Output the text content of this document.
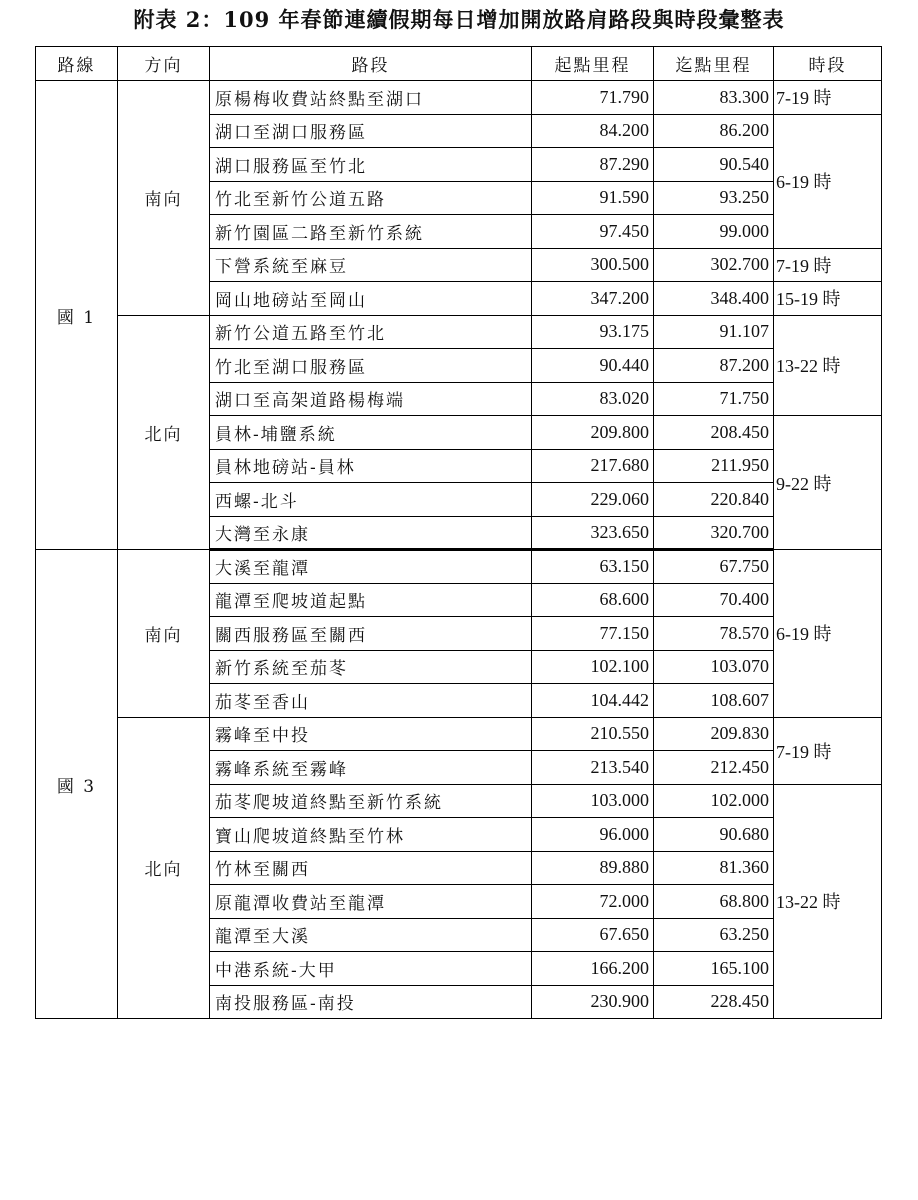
附表 2：109 年春節連續假期每日增加開放路肩路段與時段彙整表
路線	方向	路段	起點里程	迄點里程	時段	
國 1	南向	原楊梅收費站終點至湖口	71.790	83.300	7-19 時	
		湖口至湖口服務區	84.200	86.200	6-19 時	
		湖口服務區至竹北	87.290	90.540		
		竹北至新竹公道五路	91.590	93.250		
		新竹園區二路至新竹系統	97.450	99.000		
		下營系統至麻豆	300.500	302.700	7-19 時	
		岡山地磅站至岡山	347.200	348.400	15-19 時	
	北向	新竹公道五路至竹北	93.175	91.107	13-22 時	
		竹北至湖口服務區	90.440	87.200		
		湖口至高架道路楊梅端	83.020	71.750		
		員林-埔鹽系統	209.800	208.450	9-22 時	
		員林地磅站-員林	217.680	211.950		
		西螺-北斗	229.060	220.840		
		大灣至永康	323.650	320.700	
國 3	南向	大溪至龍潭	63.150	67.750	6-19 時	
		龍潭至爬坡道起點	68.600	70.400		
		關西服務區至關西	77.150	78.570		
		新竹系統至茄苳	102.100	103.070		
		茄苳至香山	104.442	108.607		
	北向	霧峰至中投	210.550	209.830	7-19 時	
		霧峰系統至霧峰	213.540	212.450		
		茄苳爬坡道終點至新竹系統	103.000	102.000	13-22 時	
		寶山爬坡道終點至竹林	96.000	90.680		
		竹林至關西	89.880	81.360		
		原龍潭收費站至龍潭	72.000	68.800		
		龍潭至大溪	67.650	63.250		
		中港系統-大甲	166.200	165.100		
		南投服務區-南投	230.900	228.450		
